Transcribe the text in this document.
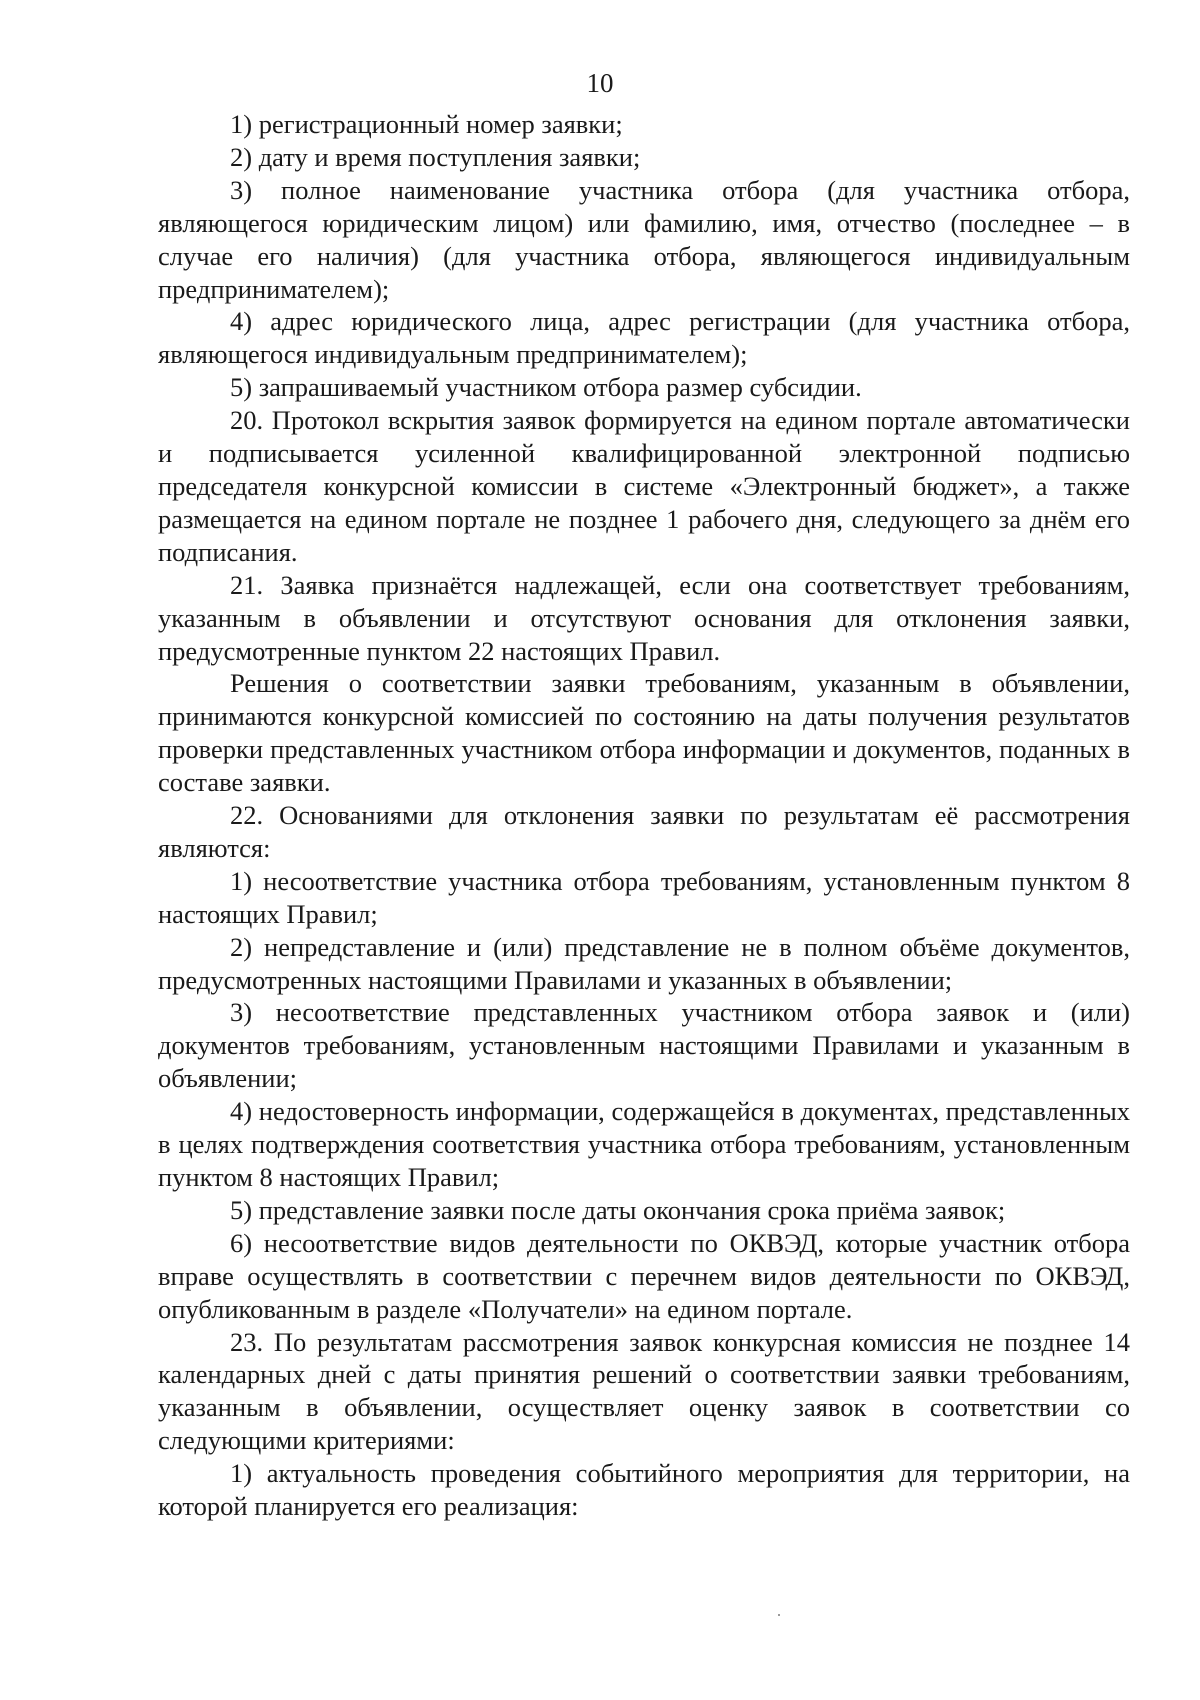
10

1) регистрационный номер заявки;

2) дату и время поступления заявки;

3) полное наименование участника отбора (для участника отбора, являющегося юридическим лицом) или фамилию, имя, отчество (последнее – в случае его наличия) (для участника отбора, являющегося индивидуальным предпринимателем);

4) адрес юридического лица, адрес регистрации (для участника отбора, являющегося индивидуальным предпринимателем);

5) запрашиваемый участником отбора размер субсидии.

20. Протокол вскрытия заявок формируется на едином портале автоматически и подписывается усиленной квалифицированной электронной подписью председателя конкурсной комиссии в системе «Электронный бюджет», а также размещается на едином портале не позднее 1 рабочего дня, следующего за днём его подписания.

21. Заявка признаётся надлежащей, если она соответствует требованиям, указанным в объявлении и отсутствуют основания для отклонения заявки, предусмотренные пунктом 22 настоящих Правил.

Решения о соответствии заявки требованиям, указанным в объявлении, принимаются конкурсной комиссией по состоянию на даты получения результатов проверки представленных участником отбора информации и документов, поданных в составе заявки.

22. Основаниями для отклонения заявки по результатам её рассмотрения являются:

1) несоответствие участника отбора требованиям, установленным пунктом 8 настоящих Правил;

2) непредставление и (или) представление не в полном объёме документов, предусмотренных настоящими Правилами и указанных в объявлении;

3) несоответствие представленных участником отбора заявок и (или) документов требованиям, установленным настоящими Правилами и указанным в объявлении;

4) недостоверность информации, содержащейся в документах, представленных в целях подтверждения соответствия участника отбора требованиям, установленным пунктом 8 настоящих Правил;

5) представление заявки после даты окончания срока приёма заявок;

6) несоответствие видов деятельности по ОКВЭД, которые участник отбора вправе осуществлять в соответствии с перечнем видов деятельности по ОКВЭД, опубликованным в разделе «Получатели» на едином портале.

23. По результатам рассмотрения заявок конкурсная комиссия не позднее 14 календарных дней с даты принятия решений о соответствии заявки требованиям, указанным в объявлении, осуществляет оценку заявок в соответствии со следующими критериями:

1) актуальность проведения событийного мероприятия для территории, на которой планируется его реализация:
